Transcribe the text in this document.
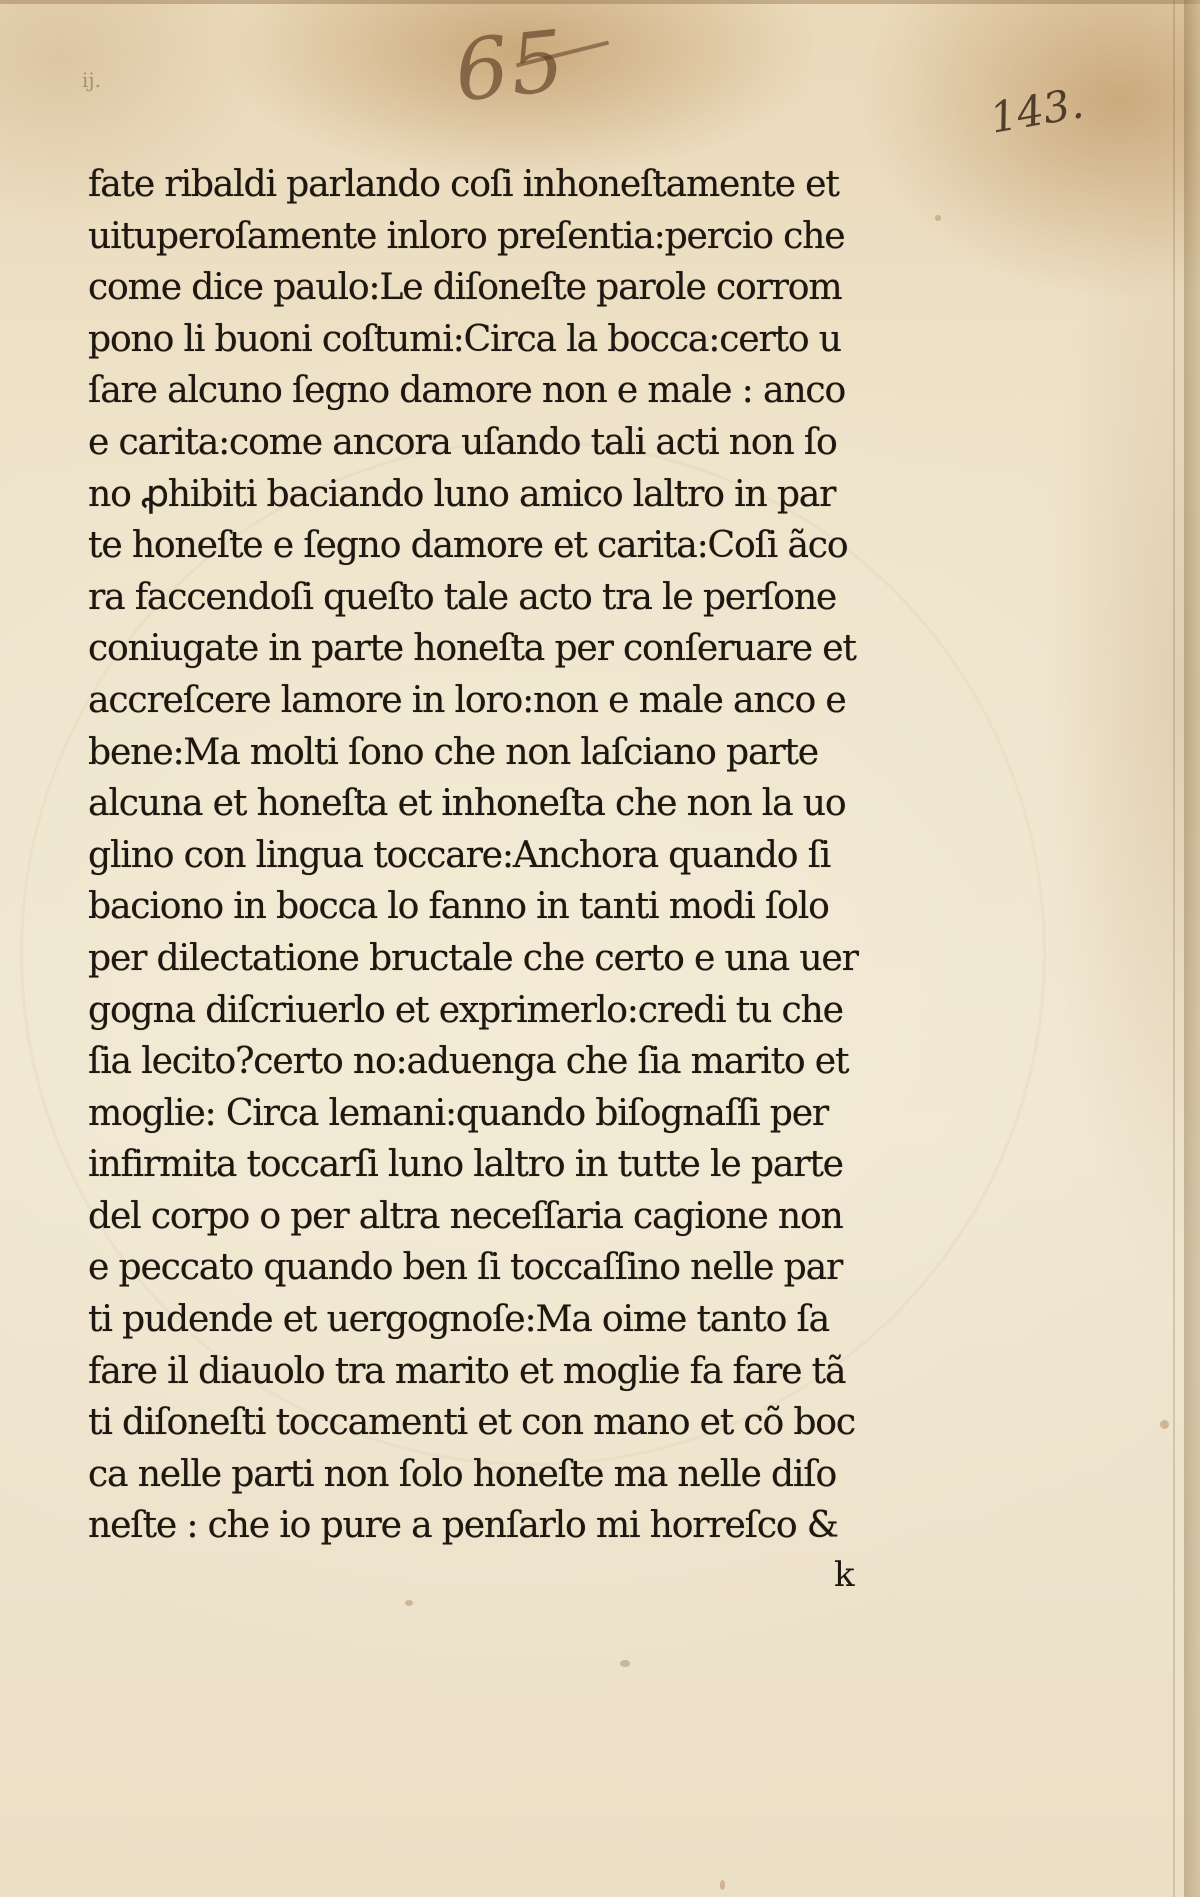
ij.	65	143.

fate ribaldi parlando coſi inhoneſtamente et
uituperoſamente inloro preſentia:percio che
come dice paulo:Le diſoneſte parole corrom
pono li buoni coſtumi:Circa la bocca:certo u
ſare alcuno ſegno damore non e male : anco
e carita:come ancora uſando tali acti non ſo
no ꝓhibiti baciando luno amico laltro in par
te honeſte e ſegno damore et carita:Coſi ãco
ra faccendoſi queſto tale acto tra le perſone
coniugate in parte honeſta per conſeruare et
accreſcere lamore in loro:non e male anco e
bene:Ma molti ſono che non laſciano parte
alcuna et honeſta et inhoneſta che non la uo
glino con lingua toccare:Anchora quando ſi
baciono in bocca lo fanno in tanti modi ſolo
per dilectatione bructale che certo e una uer
gogna diſcriuerlo et exprimerlo:credi tu che
ſia lecito?certo no:aduenga che ſia marito et
moglie: Circa lemani:quando biſognaſſi per
infirmita toccarſi luno laltro in tutte le parte
del corpo o per altra neceſſaria cagione non
e peccato quando ben ſi toccaſſino nelle par
ti pudende et uergognoſe:Ma oime tanto ſa
fare il diauolo tra marito et moglie fa fare tã
ti diſoneſti toccamenti et con mano et cõ boc
ca nelle parti non ſolo honeſte ma nelle diſo
neſte : che io pure a penſarlo mi horreſco &

k
